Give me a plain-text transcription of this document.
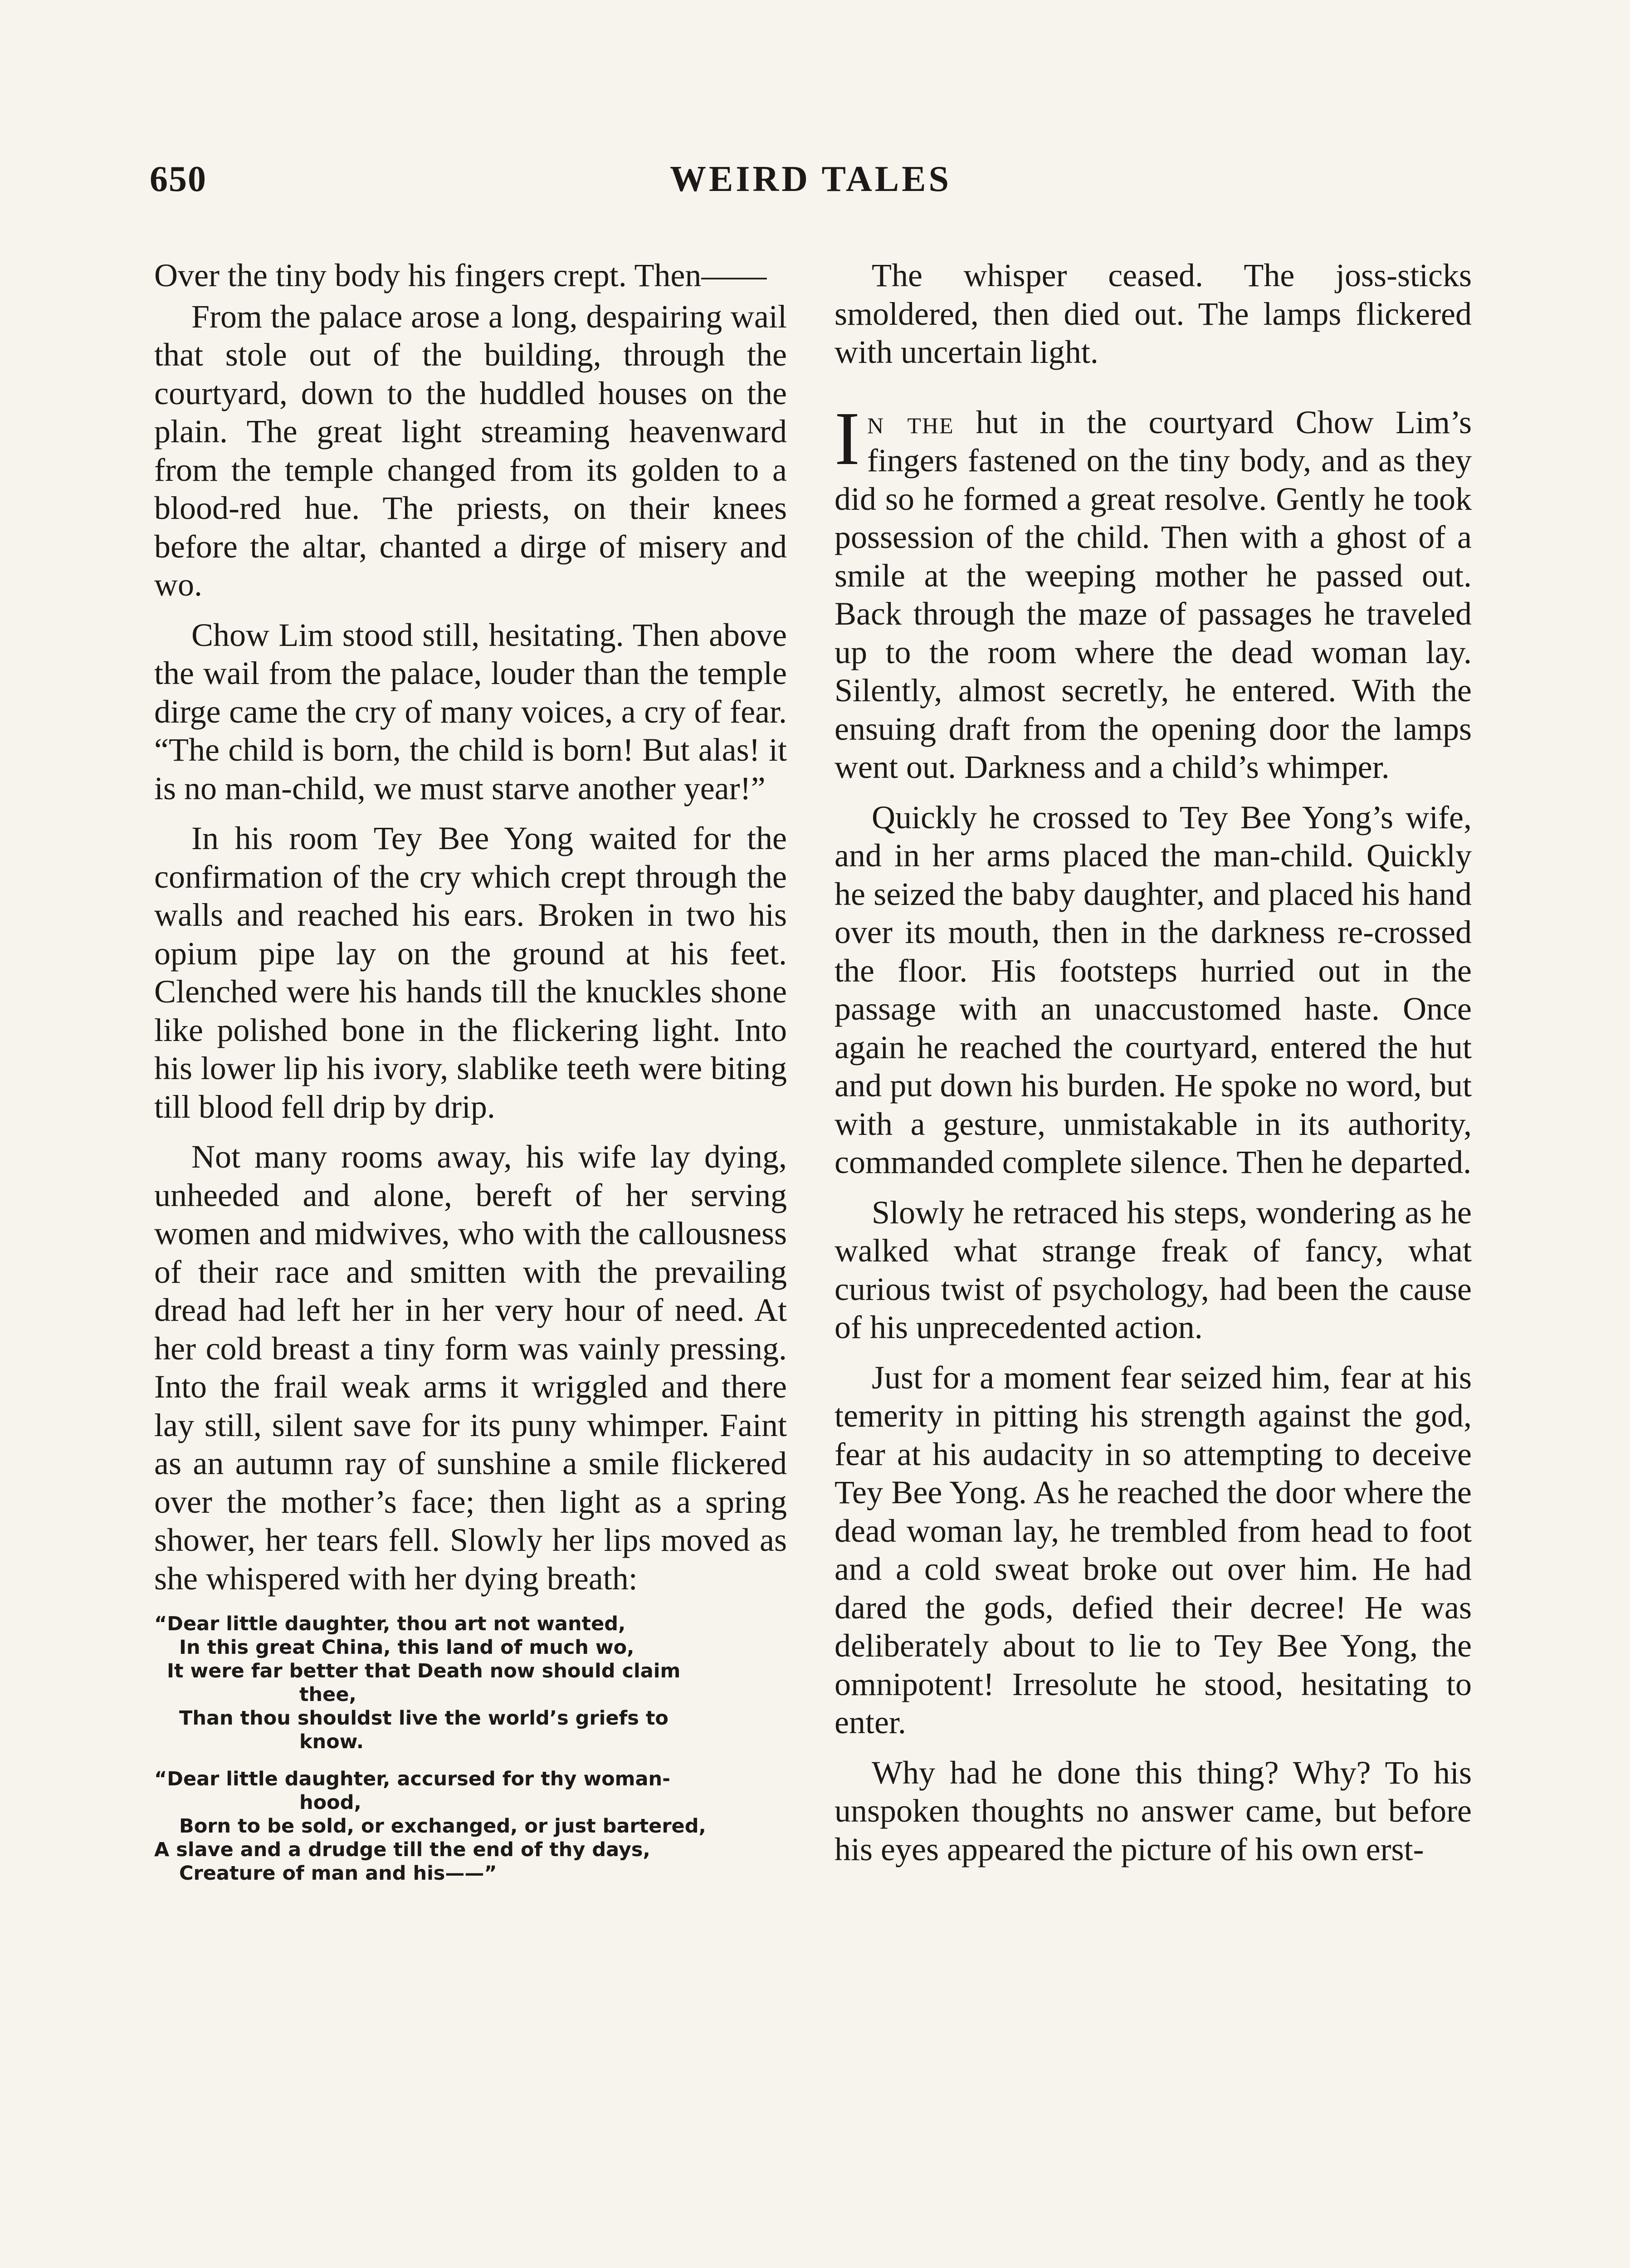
650	WEIRD TALES

Over the tiny body his fingers crept. Then——

From the palace arose a long, despairing wail that stole out of the building, through the courtyard, down to the huddled houses on the plain. The great light streaming heavenward from the temple changed from its golden to a blood-red hue. The priests, on their knees before the altar, chanted a dirge of misery and wo.

Chow Lim stood still, hesitating. Then above the wail from the palace, louder than the temple dirge came the cry of many voices, a cry of fear. “The child is born, the child is born! But alas! it is no man-child, we must starve another year!”

In his room Tey Bee Yong waited for the confirmation of the cry which crept through the walls and reached his ears. Broken in two his opium pipe lay on the ground at his feet. Clenched were his hands till the knuckles shone like polished bone in the flickering light. Into his lower lip his ivory, slablike teeth were biting till blood fell drip by drip.

Not many rooms away, his wife lay dying, unheeded and alone, bereft of her serving women and midwives, who with the callousness of their race and smitten with the prevailing dread had left her in her very hour of need. At her cold breast a tiny form was vainly pressing. Into the frail weak arms it wriggled and there lay still, silent save for its puny whimper. Faint as an autumn ray of sunshine a smile flickered over the mother’s face; then light as a spring shower, her tears fell. Slowly her lips moved as she whispered with her dying breath:

“Dear little daughter, thou art not wanted,
In this great China, this land of much wo,
It were far better that Death now should claim
thee,
Than thou shouldst live the world’s griefs to
know.
“Dear little daughter, accursed for thy woman-
hood,
Born to be sold, or exchanged, or just bartered,
A slave and a drudge till the end of thy days,
Creature of man and his——”

The whisper ceased. The joss-sticks smoldered, then died out. The lamps flickered with uncertain light.

In the hut in the courtyard Chow Lim’s fingers fastened on the tiny body, and as they did so he formed a great resolve. Gently he took possession of the child. Then with a ghost of a smile at the weeping mother he passed out. Back through the maze of passages he traveled up to the room where the dead woman lay. Silently, almost secretly, he entered. With the ensuing draft from the opening door the lamps went out. Darkness and a child’s whimper.

Quickly he crossed to Tey Bee Yong’s wife, and in her arms placed the man-child. Quickly he seized the baby daughter, and placed his hand over its mouth, then in the darkness re-crossed the floor. His footsteps hurried out in the passage with an unaccustomed haste. Once again he reached the courtyard, entered the hut and put down his burden. He spoke no word, but with a gesture, unmistakable in its authority, commanded complete silence. Then he departed.

Slowly he retraced his steps, wondering as he walked what strange freak of fancy, what curious twist of psychology, had been the cause of his unprecedented action.

Just for a moment fear seized him, fear at his temerity in pitting his strength against the god, fear at his audacity in so attempting to deceive Tey Bee Yong. As he reached the door where the dead woman lay, he trembled from head to foot and a cold sweat broke out over him. He had dared the gods, defied their decree! He was deliberately about to lie to Tey Bee Yong, the omnipotent! Irresolute he stood, hesitating to enter.

Why had he done this thing? Why? To his unspoken thoughts no answer came, but before his eyes appeared the picture of his own erst-
